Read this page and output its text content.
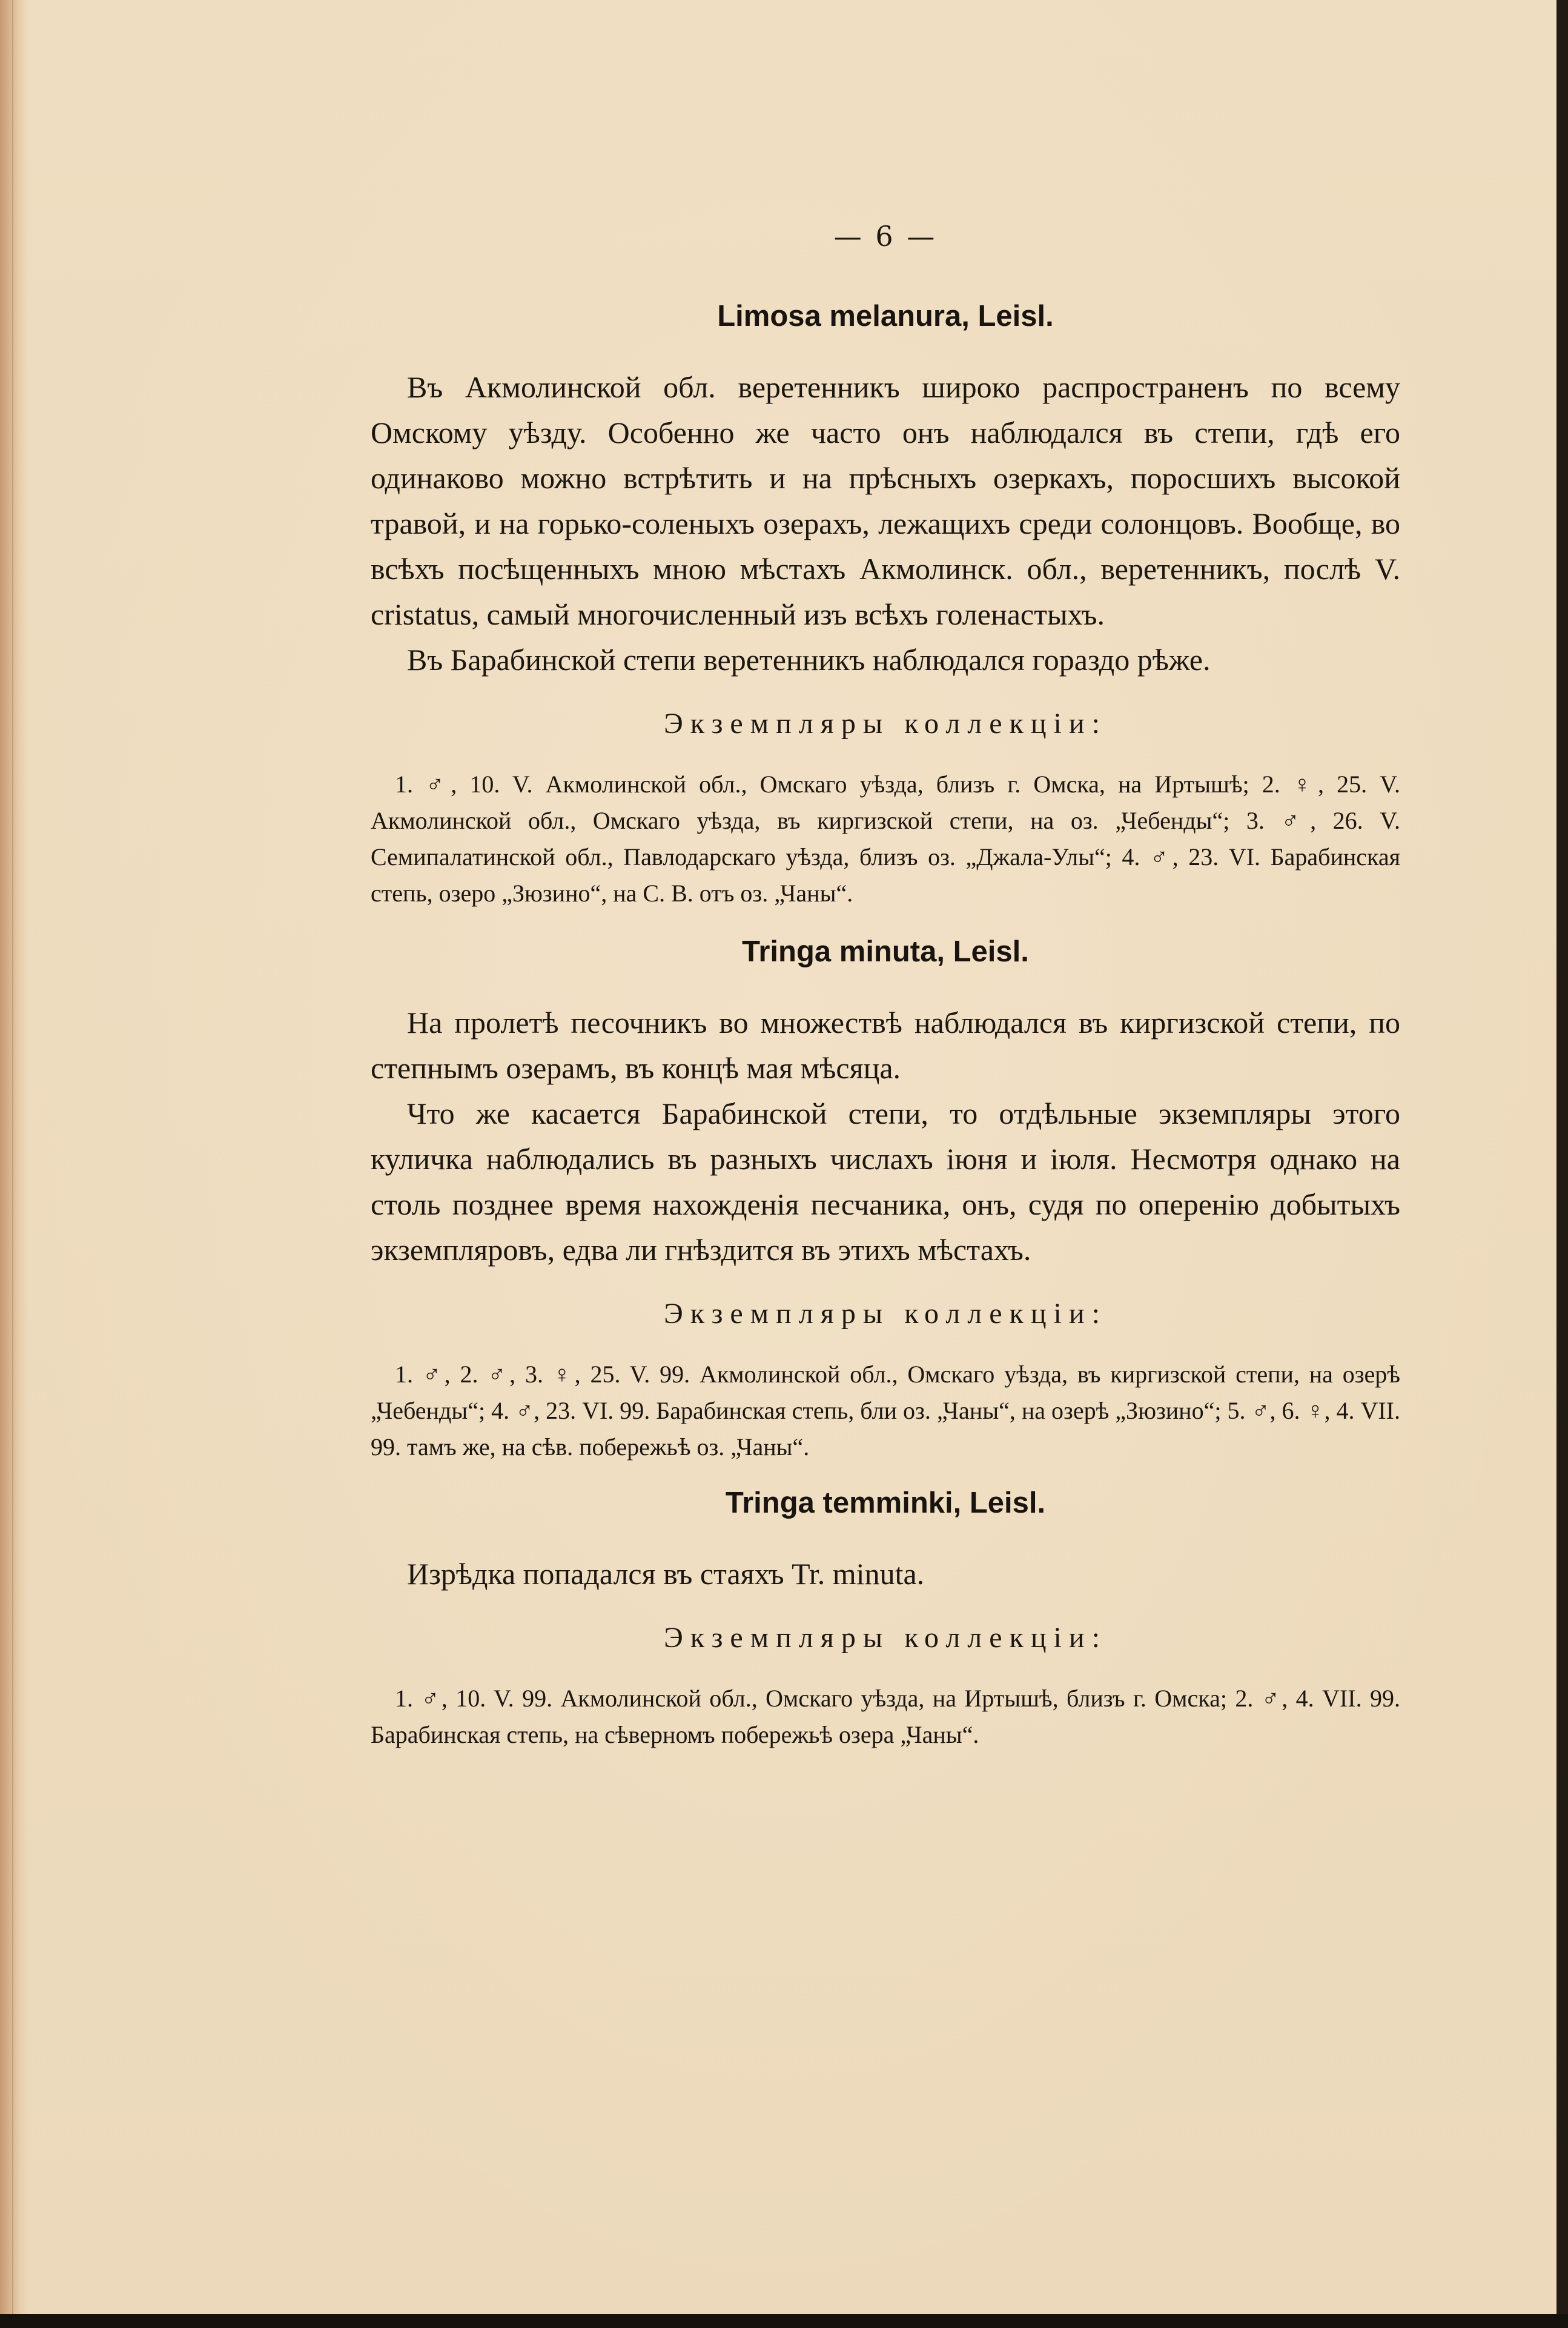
— 6 —
Limosa melanura, Leisl.

Въ Акмолинской обл. веретенникъ широко распространенъ по всему Омскому уѣзду. Особенно же часто онъ наблюдался въ степи, гдѣ его одинаково можно встрѣтить и на прѣсныхъ озеркахъ, поросшихъ высокой травой, и на горько-соленыхъ озерахъ, лежащихъ среди солонцовъ. Вообще, во всѣхъ посѣщенныхъ мною мѣстахъ Акмолинск. обл., веретенникъ, послѣ V. cristatus, самый многочисленный изъ всѣхъ голенастыхъ.

Въ Барабинской степи веретенникъ наблюдался гораздо рѣже.

Экземпляры коллекціи:

1. ♂, 10. V. Акмолинской обл., Омскаго уѣзда, близъ г. Омска, на Иртышѣ; 2. ♀, 25. V. Акмолинской обл., Омскаго уѣзда, въ киргизской степи, на оз. „Чебенды“; 3. ♂, 26. V. Семипалатинской обл., Павлодарскаго уѣзда, близъ оз. „Джала-Улы“; 4. ♂, 23. VI. Барабинская степь, озеро „Зюзино“, на С. В. отъ оз. „Чаны“.

Tringa minuta, Leisl.

На пролетѣ песочникъ во множествѣ наблюдался въ киргизской степи, по степнымъ озерамъ, въ концѣ мая мѣсяца.

Что же касается Барабинской степи, то отдѣльные экземпляры этого куличка наблюдались въ разныхъ числахъ іюня и іюля. Несмотря однако на столь позднее время нахожденія песчаника, онъ, судя по оперенію добытыхъ экземпляровъ, едва ли гнѣздится въ этихъ мѣстахъ.

Экземпляры коллекціи:

1. ♂, 2. ♂, 3. ♀, 25. V. 99. Акмолинской обл., Омскаго уѣзда, въ киргизской степи, на озерѣ „Чебенды“; 4. ♂, 23. VI. 99. Барабинская степь, бли оз. „Чаны“, на озерѣ „Зюзино“; 5. ♂, 6. ♀, 4. VII. 99. тамъ же, на сѣв. побережьѣ оз. „Чаны“.

Tringa temminki, Leisl.

Изрѣдка попадался въ стаяхъ Tr. minuta.

Экземпляры коллекціи:

1. ♂, 10. V. 99. Акмолинской обл., Омскаго уѣзда, на Иртышѣ, близъ г. Омска; 2. ♂, 4. VII. 99. Барабинская степь, на сѣверномъ побережьѣ озера „Чаны“.
